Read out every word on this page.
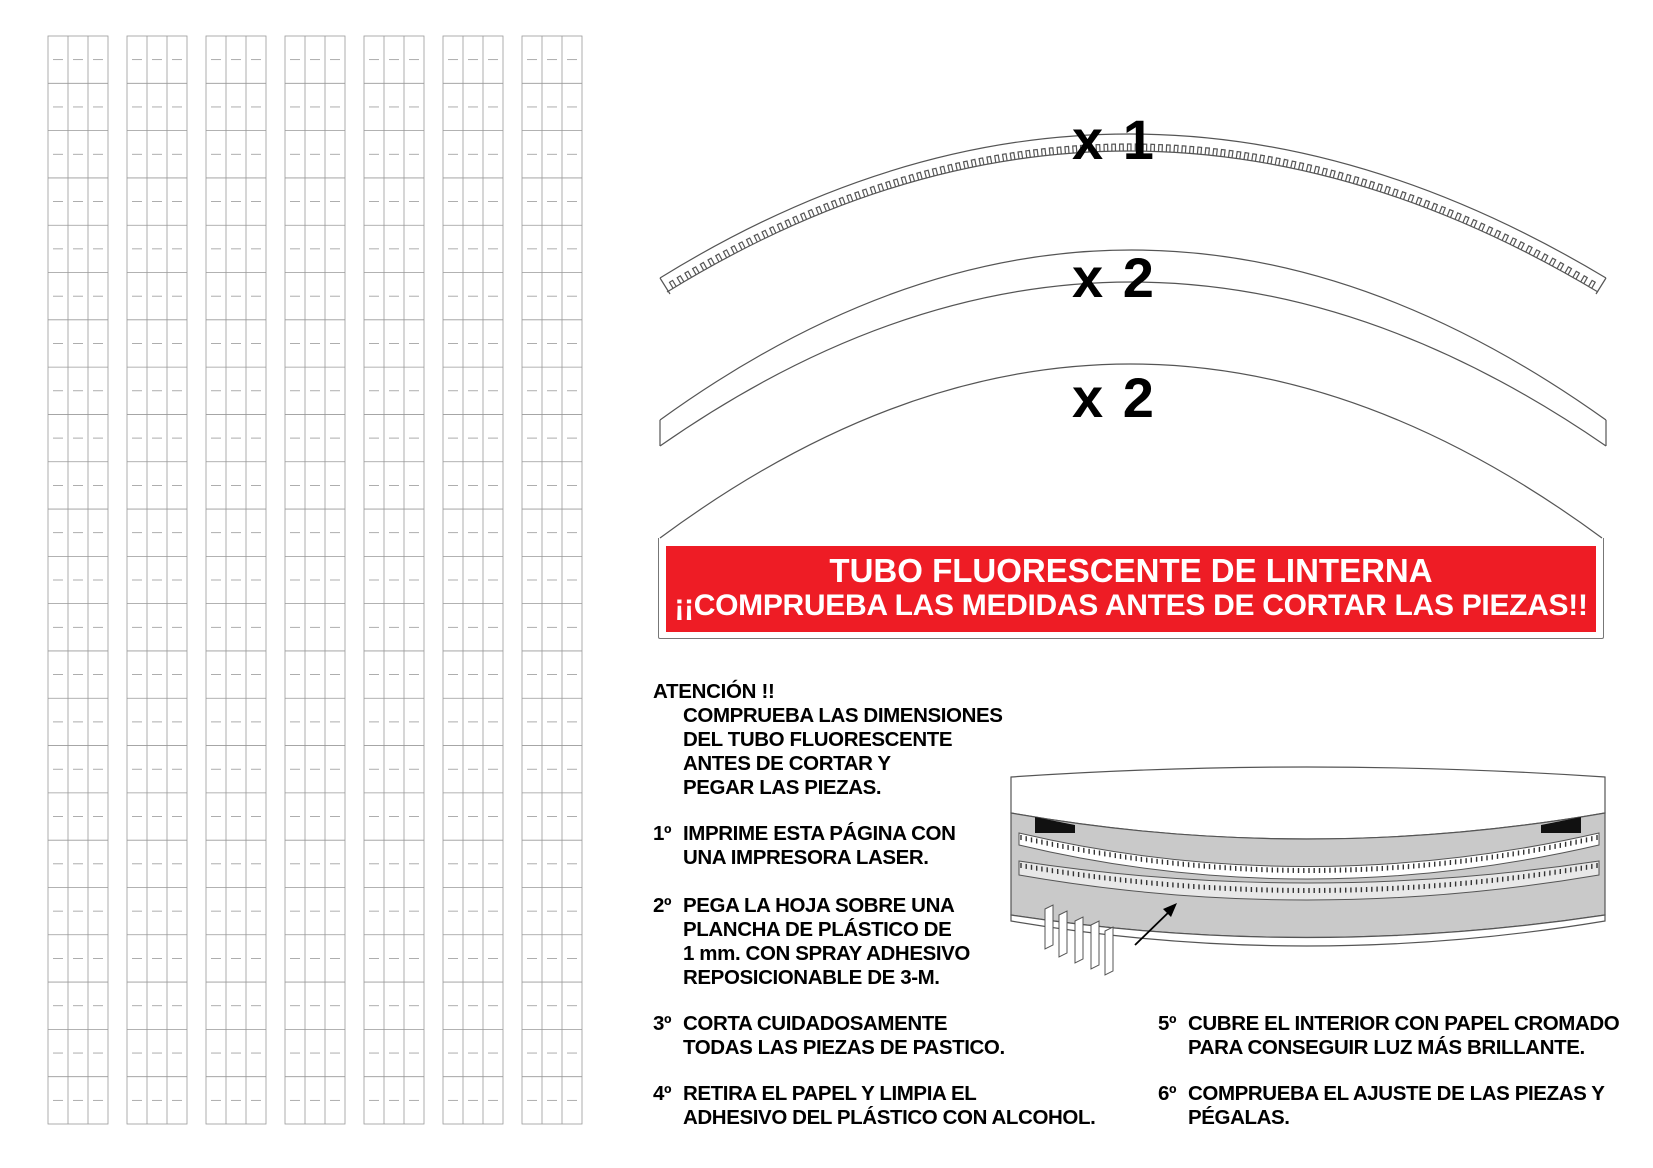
x 1
x 2
x 2
TUBO FLUORESCENTE DE LINTERNA
¡¡COMPRUEBA LAS MEDIDAS ANTES DE CORTAR LAS PIEZAS!!
ATENCIÓN !!
COMPRUEBA LAS DIMENSIONES
DEL TUBO FLUORESCENTE
ANTES DE CORTAR Y
PEGAR LAS PIEZAS.
1º IMPRIME ESTA PÁGINA CON
UNA IMPRESORA LASER.
2º PEGA LA HOJA SOBRE UNA
PLANCHA DE PLÁSTICO DE
1 mm. CON SPRAY ADHESIVO
REPOSICIONABLE DE 3-M.
3º CORTA CUIDADOSAMENTE
TODAS LAS PIEZAS DE PASTICO.
4º RETIRA EL PAPEL Y LIMPIA EL
ADHESIVO DEL PLÁSTICO CON ALCOHOL.
5º CUBRE EL INTERIOR CON PAPEL CROMADO
PARA CONSEGUIR LUZ MÁS BRILLANTE.
6º COMPRUEBA EL AJUSTE DE LAS PIEZAS Y
PÉGALAS.
